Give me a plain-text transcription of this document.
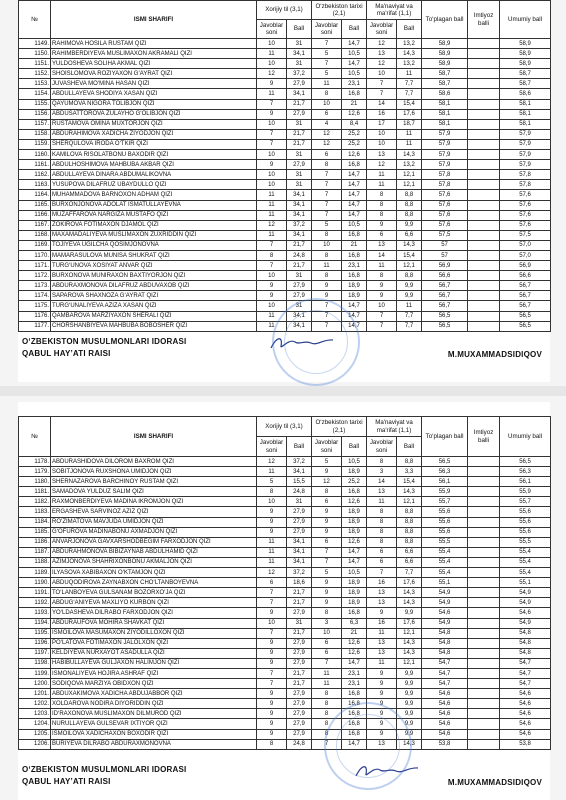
№	ISMI SHARIFI	Xorijiy til (3,1)		O‘zbekiston tarixi (2,1)		Ma'naviyat va ma'rifat (1,1)		To‘plagan ball	Imtiyoz balli	Umumiy ball
		Javoblar soni	Ball	Javoblar soni	Ball	Javoblar soni	Ball			
1149.	RAHIMOVA HOSILA RUSTAM QIZI	10	31	7	14,7	12	13,2	58,9		58,9
1150.	RAHIMBERDIYEVA MUSLIMAXON AKRAMALI QIZI	11	34,1	5	10,5	13	14,3	58,9		58,9
1151.	YULDOSHEVA SOLIHA AKMAL QIZI	10	31	7	14,7	12	13,2	58,9		58,9
1152.	SHOISLOMOVA ROZIYAXON G‘AYRAT QIZI	12	37,2	5	10,5	10	11	58,7		58,7
1153.	JUVASHEVA MO‘MINA HASAN QIZI	9	27,9	11	23,1	7	7,7	58,7		58,7
1154.	ABDULLAYEVA SHODIYA XASAN QIZI	11	34,1	8	16,8	7	7,7	58,6		58,6
1155.	QAYUMOVA NIGORA TOLIBJON QIZI	7	21,7	10	21	14	15,4	58,1		58,1
1156.	ABDUSATTOROVA ZULAYHO G‘OLIBJON QIZI	9	27,9	6	12,6	16	17,6	58,1		58,1
1157.	RUSTAMOVA OMINA MUXTORJON QIZI	10	31	4	8,4	17	18,7	58,1		58,1
1158.	ABDURAHIMOVA XADICHA ZIYODJON QIZI	7	21,7	12	25,2	10	11	57,9		57,9
1159.	SHERQULOVA IRODA O‘TKIR QIZI	7	21,7	12	25,2	10	11	57,9		57,9
1160.	KAMILOVA RISOLATBONU BAXODIR QIZI	10	31	6	12,6	13	14,3	57,9		57,9
1161.	ABDULHOSHIMOVA MAHBUBA AKBAR QIZI	9	27,9	8	16,8	12	13,2	57,9		57,9
1162.	ABDULLAYEVA DINARA ABDUMALIKOVNA	10	31	7	14,7	11	12,1	57,8		57,8
1163.	YUSUPOVA DILAFRUZ UBAYDULLO QIZI	10	31	7	14,7	11	12,1	57,8		57,8
1164.	MUHAMMADOVA BARNOXON ADHAM QIZI	11	34,1	7	14,7	8	8,8	57,6		57,6
1165.	BURXONJONOVA ADOLAT ISMATULLAYEVNA	11	34,1	7	14,7	8	8,8	57,6		57,6
1166.	MUZAFFAROVA NARGIZA MUSTAFO QIZI	11	34,1	7	14,7	8	8,8	57,6		57,6
1167.	ZOKIROVA FOTIMAXON DJAMOL QIZI	12	37,2	5	10,5	9	9,9	57,6		57,6
1168.	MAXAMADALIYEVA MUSLIMAXON ZUXRIDDIN QIZI	11	34,1	8	16,8	6	6,6	57,5		57,5
1169.	TOJIYEVA UGILCHA QOSIMJONOVNA	7	21,7	10	21	13	14,3	57		57,0
1170.	MAMARASULOVA MUNISA SHUKRAT QIZI	8	24,8	8	16,8	14	15,4	57		57,0
1171.	TURG‘UNOVA XOSIYAT ANVAR QIZI	7	21,7	11	23,1	11	12,1	56,9		56,9
1172.	BURXONOVA MUNIRAXON BAXTIYORJON QIZI	10	31	8	16,8	8	8,8	56,6		56,6
1173.	ABDURAXMONOVA DILAFRUZ ABDUVAXOB QIZI	9	27,9	9	18,9	9	9,9	56,7		56,7
1174.	SAPAROVA SHAXNOZA G‘AYRAT QIZI	9	27,9	9	18,9	9	9,9	56,7		56,7
1175.	TURG‘UNALIYEVA AZIZA XASAN QIZI	10	31	7	14,7	10	11	56,7		56,7
1176.	QAMBAROVA MARZIYAXON SHERALI QIZI	11	34,1	7	14,7	7	7,7	56,5		56,5
1177.	CHORSHANBIYEVA MAHBUBA BOBOSHER QIZI	11	34,1	7	14,7	7	7,7	56,5		56,5
O‘ZBEKISTON MUSULMONLARI IDORASI
QABUL HAY’ATI RAISI	M.MUXAMMADSIDIQOV
№	ISMI SHARIFI	Xorijiy til (3,1)		O‘zbekiston tarixi (2,1)		Ma'naviyat va ma'rifat (1,1)		To‘plagan ball	Imtiyoz balli	Umumiy ball
		Javoblar soni	Ball	Javoblar soni	Ball	Javoblar soni	Ball			
1178.	ABDURASHIDOVA DILOROM BAXROM QIZI	12	37,2	5	10,5	8	8,8	56,5		56,5
1179.	SOBITJONOVA RUXSHONA UMIDJON QIZI	11	34,1	9	18,9	3	3,3	56,3		56,3
1180.	SHERNAZAROVA BARCHINOY RUSTAM QIZI	5	15,5	12	25,2	14	15,4	56,1		56,1
1181.	SAMADOVA YULDUZ SALIM QIZI	8	24,8	8	16,8	13	14,3	55,9		55,9
1182.	RAXMONBERDIYEVA MADINA IKROMJON QIZI	10	31	6	12,6	11	12,1	55,7		55,7
1183.	ERGASHEVA SARVINOZ AZIZ QIZI	9	27,9	9	18,9	8	8,8	55,6		55,6
1184.	RO‘ZIMATOVA MAVJUDA UMIDJON QIZI	9	27,9	9	18,9	8	8,8	55,6		55,6
1185.	G‘OFUROVA MADINABONU AXMADJON QIZI	9	27,9	9	18,9	8	8,8	55,6		55,6
1186.	ANVARJONOVA GAVXARSHODBEGIM FARXODJON QIZI	11	34,1	6	12,6	8	8,8	55,5		55,5
1187.	ABDURAHMONOVA BIBIZAYNAB ABDULHAMID QIZI	11	34,1	7	14,7	6	6,6	55,4		55,4
1188.	AZIMJONOVA SHAHRIXONBONU AKMALJON QIZI	11	34,1	7	14,7	6	6,6	55,4		55,4
1189.	ILYASOVA XABIBAXON O‘KTAMJON QIZI	12	37,2	5	10,5	7	7,7	55,4		55,4
1190.	ABDUQODIROVA ZAYNABXON CHO‘LTANBOYEVNA	6	18,6	9	18,9	16	17,6	55,1		55,1
1191.	TO‘LANBOYEVA GULSANAM BOZORXO‘JA QIZI	7	21,7	9	18,9	13	14,3	54,9		54,9
1192.	ABDUG‘ANIYEVA MAXLIYO KURBON QIZI	7	21,7	9	18,9	13	14,3	54,9		54,9
1193.	YO‘LDASHEVA DILRABO FARXODJON QIZI	9	27,9	8	16,8	9	9,9	54,6		54,6
1194.	ABDURAUFOVA MOHIRA SHAVKAT QIZI	10	31	3	6,3	16	17,6	54,9		54,9
1195.	ISMOILOVA MASUMAXON ZIYODILLOXON QIZI	7	21,7	10	21	11	12,1	54,8		54,8
1196.	PO‘LATOVA FOTIMAXON JALOLXON QIZI	9	27,9	6	12,6	13	14,3	54,8		54,8
1197.	KELDIYEVA NURXAYOT ASADULLA QIZI	9	27,9	6	12,6	13	14,3	54,8		54,8
1198.	HABIBULLAYEVA GULJAXON HALIMJON QIZI	9	27,9	7	14,7	11	12,1	54,7		54,7
1199.	ISMONALIYEVA HOJIRA ASHRAF QIZI	7	21,7	11	23,1	9	9,9	54,7		54,7
1200.	SODIQOVA MARZIYA OBIDXON QIZI	7	21,7	11	23,1	9	9,9	54,7		54,7
1201.	ABDUXAKIMOVA XADICHA ABDUJABBOR QIZI	9	27,9	8	16,8	9	9,9	54,6		54,6
1202.	XOLDAROVA NODIRA DIYORIDDIN QIZI	9	27,9	8	16,8	9	9,9	54,6		54,6
1203.	ID‘RAXONOVA MUSLIMAXON DILMUROD QIZI	9	27,9	8	16,8	9	9,9	54,6		54,6
1204.	NURULLAYEVA GULSEVAR IXTIYOR QIZI	9	27,9	8	16,8	9	9,9	54,6		54,6
1205.	ISMOILOVA XADICHAXON BOXODIR QIZI	9	27,9	8	16,8	9	9,9	54,6		54,6
1206.	BURIYEVA DILRABO ABDURAXMONOVNA	8	24,8	7	14,7	13	14,3	53,8		53,8
O‘ZBEKISTON MUSULMONLARI IDORASI
QABUL HAY’ATI RAISI	M.MUXAMMADSIDIQOV
